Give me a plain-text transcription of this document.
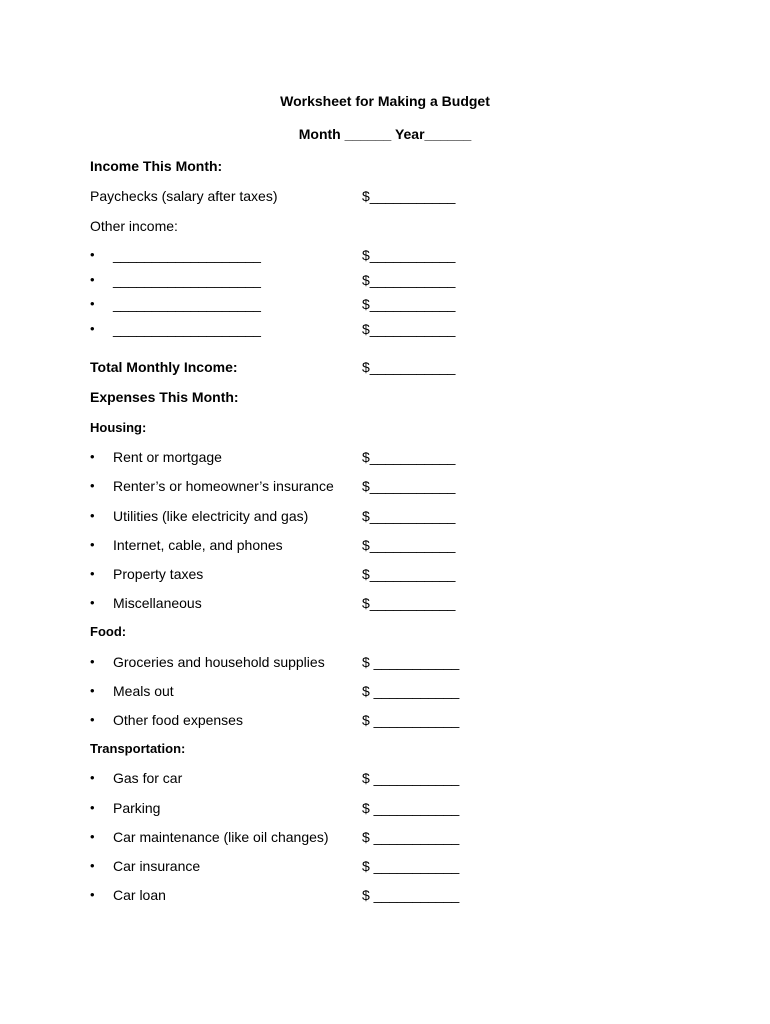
Worksheet for Making a Budget
Month ______ Year______
Income This Month:
Paychecks (salary after taxes)	$___________
Other income:
• ___________________	$___________
• ___________________	$___________
• ___________________	$___________
• ___________________	$___________
Total Monthly Income:	$___________
Expenses This Month:
Housing:
• Rent or mortgage	$___________
• Renter’s or homeowner’s insurance $___________
• Utilities (like electricity and gas)	$___________
• Internet, cable, and phones	$___________
• Property taxes	$___________
• Miscellaneous	$___________
Food:
• Groceries and household supplies	$ ___________
• Meals out	$ ___________
• Other food expenses	$ ___________
Transportation:
• Gas for car	$ ___________
• Parking	$ ___________
• Car maintenance (like oil changes) $ ___________
• Car insurance	$ ___________
• Car loan	$ ___________
